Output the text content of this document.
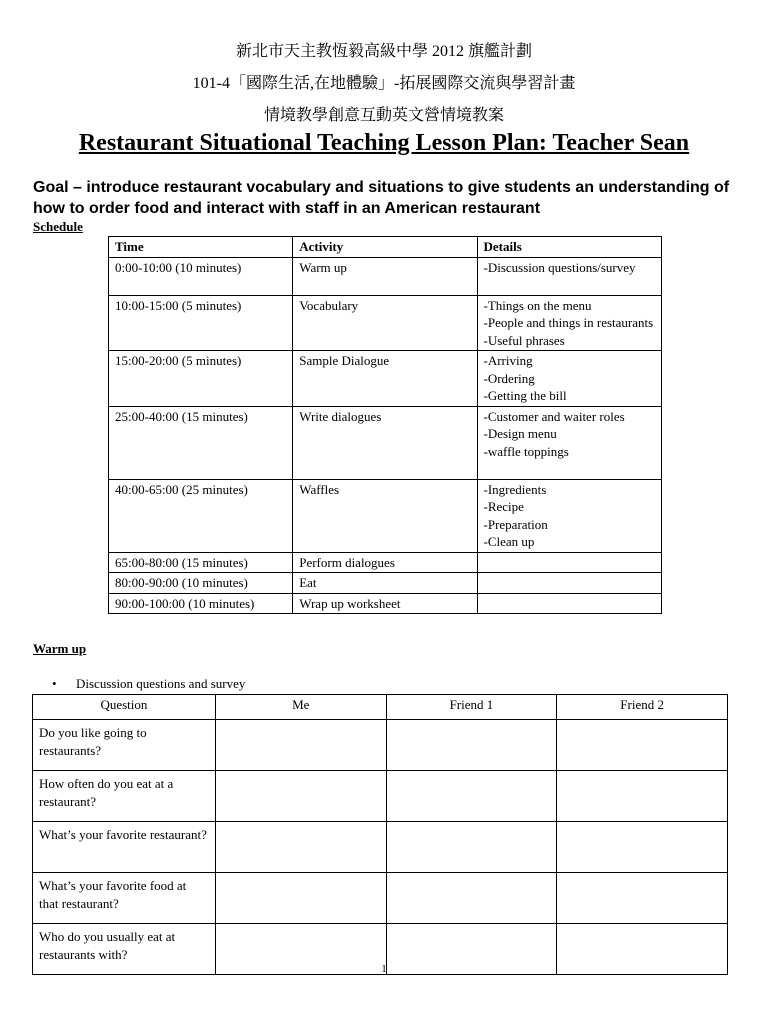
新北市天主教恆毅高級中學 2012 旗艦計劃
101-4「國際生活,在地體驗」-拓展國際交流與學習計畫
情境教學創意互動英文營情境教案
Restaurant Situational Teaching Lesson Plan: Teacher Sean
Goal – introduce restaurant vocabulary and situations to give students an understanding of how to order food and interact with staff in an American restaurant
Schedule
Time	Activity	Details
0:00-10:00 (10 minutes)	Warm up	-Discussion questions/survey

10:00-15:00 (5 minutes)	Vocabulary	-Things on the menu
-People and things in restaurants
-Useful phrases
15:00-20:00 (5 minutes)	Sample Dialogue	-Arriving
-Ordering
-Getting the bill
25:00-40:00 (15 minutes)	Write dialogues	-Customer and waiter roles
-Design menu
-waffle toppings

40:00-65:00 (25 minutes)	Waffles	-Ingredients
-Recipe
-Preparation
-Clean up
65:00-80:00 (15 minutes)	Perform dialogues	
80:00-90:00 (10 minutes)	Eat	
90:00-100:00 (10 minutes)	Wrap up worksheet	
Warm up
• Discussion questions and survey
Question	Me	Friend 1	Friend 2
Do you like going to restaurants?			
How often do you eat at a restaurant?			
What’s your favorite restaurant?			
What’s your favorite food at that restaurant?			
Who do you usually eat at restaurants with?			
1
